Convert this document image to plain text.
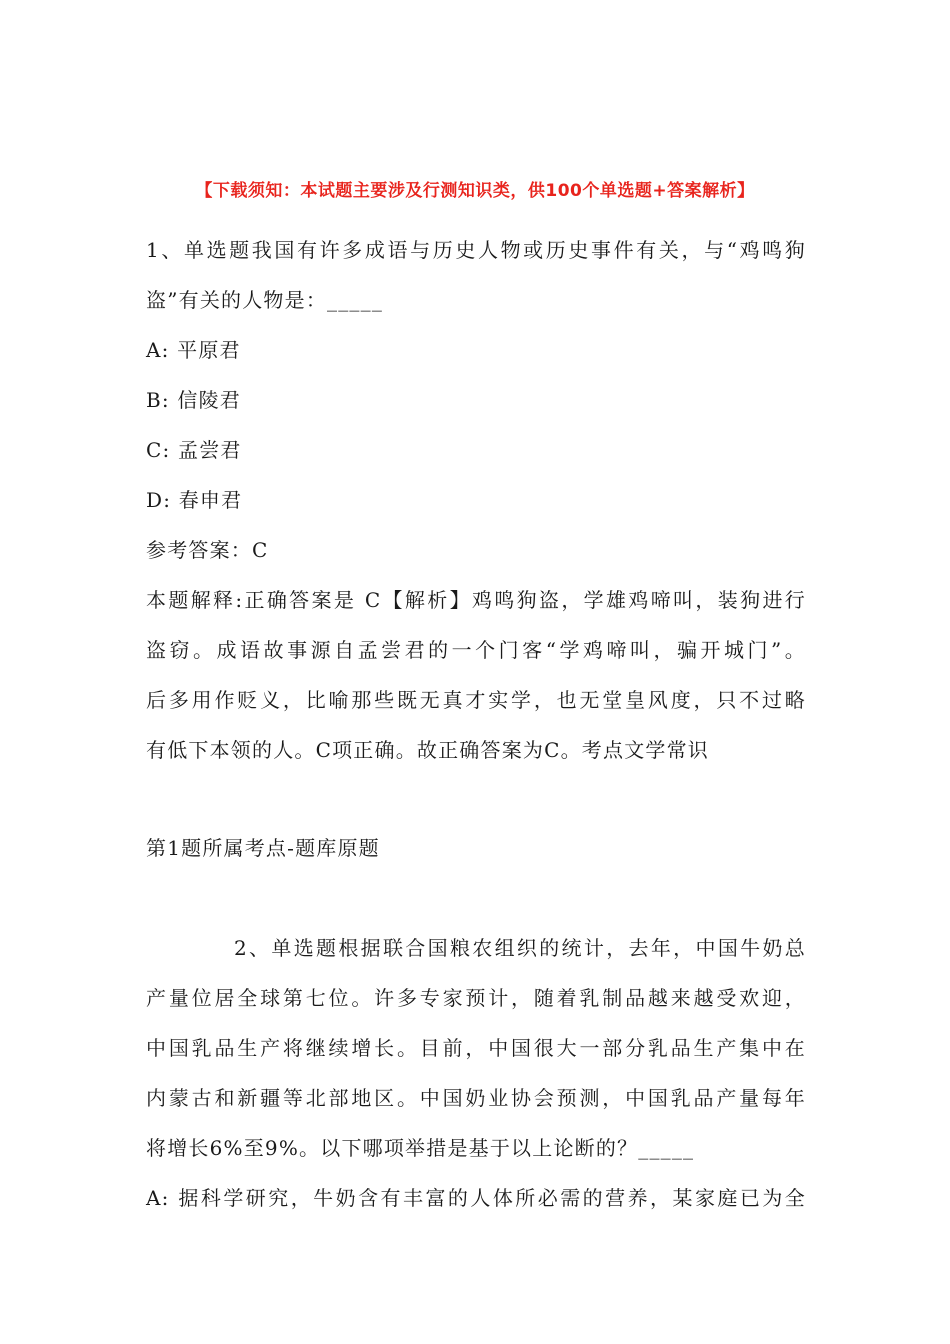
【下载须知：本试题主要涉及行测知识类，供100个单选题+答案解析】
1、单选题我国有许多成语与历史人物或历史事件有关，与“鸡鸣狗
盗”有关的人物是：_____
A: 平原君
B: 信陵君
C: 孟尝君
D: 春申君
参考答案：C
本题解释:正确答案是 C【解析】鸡鸣狗盗，学雄鸡啼叫，装狗进行
盗窃。成语故事源自孟尝君的一个门客“学鸡啼叫，骗开城门”。
后多用作贬义，比喻那些既无真才实学，也无堂皇风度，只不过略
有低下本领的人。C项正确。故正确答案为C。考点文学常识
第1题所属考点-题库原题
2、单选题根据联合国粮农组织的统计，去年，中国牛奶总
产量位居全球第七位。许多专家预计，随着乳制品越来越受欢迎，
中国乳品生产将继续增长。目前，中国很大一部分乳品生产集中在
内蒙古和新疆等北部地区。中国奶业协会预测，中国乳品产量每年
将增长6%至9%。以下哪项举措是基于以上论断的？_____
A: 据科学研究，牛奶含有丰富的人体所必需的营养，某家庭已为全
